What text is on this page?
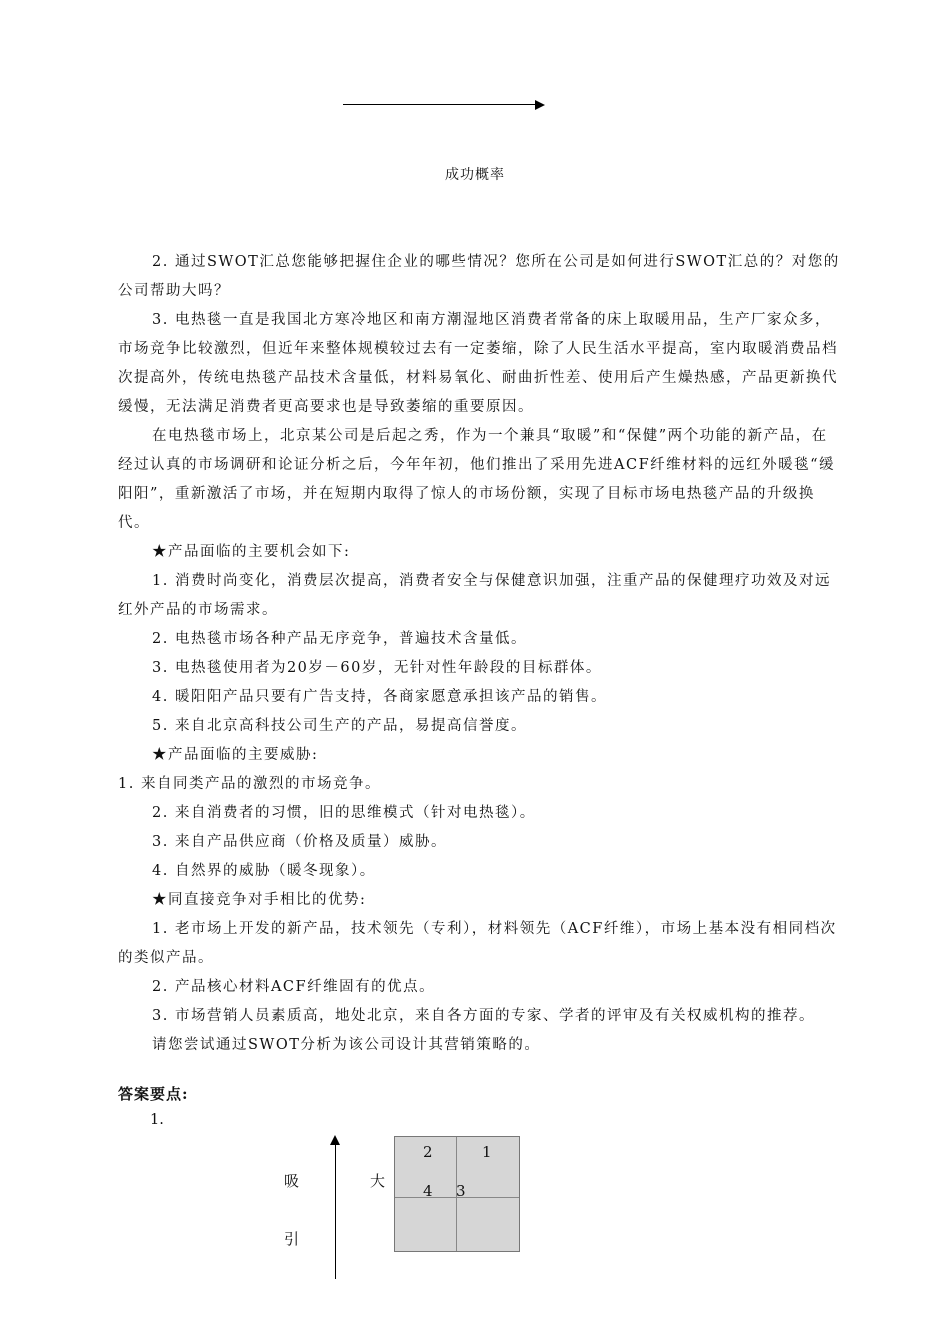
成功概率

2. 通过SWOT汇总您能够把握住企业的哪些情况？您所在公司是如何进行SWOT汇总的？对您的公司帮助大吗？

3. 电热毯一直是我国北方寒冷地区和南方潮湿地区消费者常备的床上取暖用品，生产厂家众多，市场竞争比较激烈，但近年来整体规模较过去有一定萎缩，除了人民生活水平提高，室内取暖消费品档次提高外，传统电热毯产品技术含量低，材料易氧化、耐曲折性差、使用后产生燥热感，产品更新换代缓慢，无法满足消费者更高要求也是导致萎缩的重要原因。

在电热毯市场上，北京某公司是后起之秀，作为一个兼具“取暖”和“保健”两个功能的新产品，在经过认真的市场调研和论证分析之后，今年年初，他们推出了采用先进ACF纤维材料的远红外暖毯“缓阳阳”，重新激活了市场，并在短期内取得了惊人的市场份额，实现了目标市场电热毯产品的升级换代。

★产品面临的主要机会如下:

1. 消费时尚变化，消费层次提高，消费者安全与保健意识加强，注重产品的保健理疗功效及对远红外产品的市场需求。

2. 电热毯市场各种产品无序竞争，普遍技术含量低。

3. 电热毯使用者为20岁－60岁，无针对性年龄段的目标群体。

4. 暖阳阳产品只要有广告支持，各商家愿意承担该产品的销售。

5. 来自北京高科技公司生产的产品，易提高信誉度。

★产品面临的主要威胁:

1. 来自同类产品的激烈的市场竞争。

2. 来自消费者的习惯，旧的思维模式（针对电热毯）。

3. 来自产品供应商（价格及质量）威胁。

4. 自然界的威胁（暖冬现象）。

★同直接竞争对手相比的优势:

1. 老市场上开发的新产品，技术领先（专利），材料领先（ACF纤维），市场上基本没有相同档次的类似产品。

2. 产品核心材料ACF纤维固有的优点。

3. 市场营销人员素质高，地处北京，来自各方面的专家、学者的评审及有关权威机构的推荐。

请您尝试通过SWOT分析为该公司设计其营销策略的。

答案要点:
1.
吸
引
大
2	1
4 3
